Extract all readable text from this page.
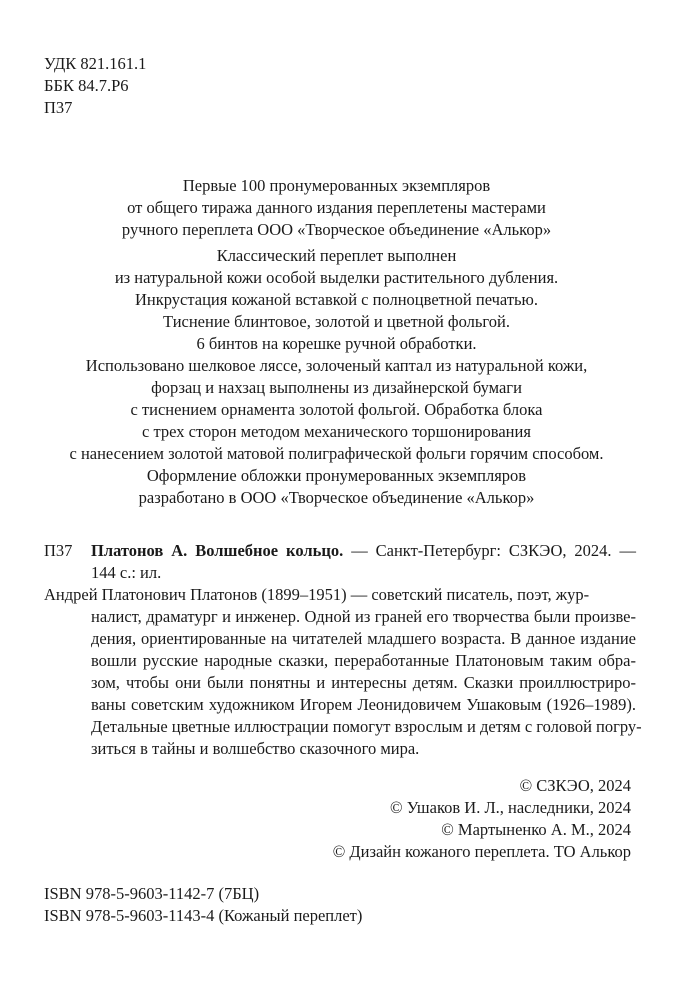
УДК 821.161.1
ББК 84.7.Р6
П37
Первые 100 пронумерованных экземпляров
от общего тиража данного издания переплетены мастерами
ручного переплета ООО «Творческое объединение «Алькор»
Классический переплет выполнен
из натуральной кожи особой выделки растительного дубления.
Инкрустация кожаной вставкой с полноцветной печатью.
Тиснение блинтовое, золотой и цветной фольгой.
6 бинтов на корешке ручной обработки.
Использовано шелковое ляссе, золоченый каптал из натуральной кожи,
форзац и нахзац выполнены из дизайнерской бумаги
с тиснением орнамента золотой фольгой. Обработка блока
с трех сторон методом механического торшонирования
с нанесением золотой матовой полиграфической фольги горячим способом.
Оформление обложки пронумерованных экземпляров
разработано в ООО «Творческое объединение «Алькор»
П37 Платонов А. Волшебное кольцо. — Санкт-Петербург: СЗКЭО, 2024. —
144 с.: ил.
Андрей Платонович Платонов (1899–1951) — советский писатель, поэт, жур-
налист, драматург и инженер. Одной из граней его творчества были произве-
дения, ориентированные на читателей младшего возраста. В данное издание
вошли русские народные сказки, переработанные Платоновым таким обра-
зом, чтобы они были понятны и интересны детям. Сказки проиллюстриро-
ваны советским художником Игорем Леонидовичем Ушаковым (1926–1989).
Детальные цветные иллюстрации помогут взрослым и детям с головой погру-
зиться в тайны и волшебство сказочного мира.
© СЗКЭО, 2024
© Ушаков И. Л., наследники, 2024
© Мартыненко А. М., 2024
© Дизайн кожаного переплета. ТО Алькор
ISBN 978-5-9603-1142-7 (7БЦ)
ISBN 978-5-9603-1143-4 (Кожаный переплет)
